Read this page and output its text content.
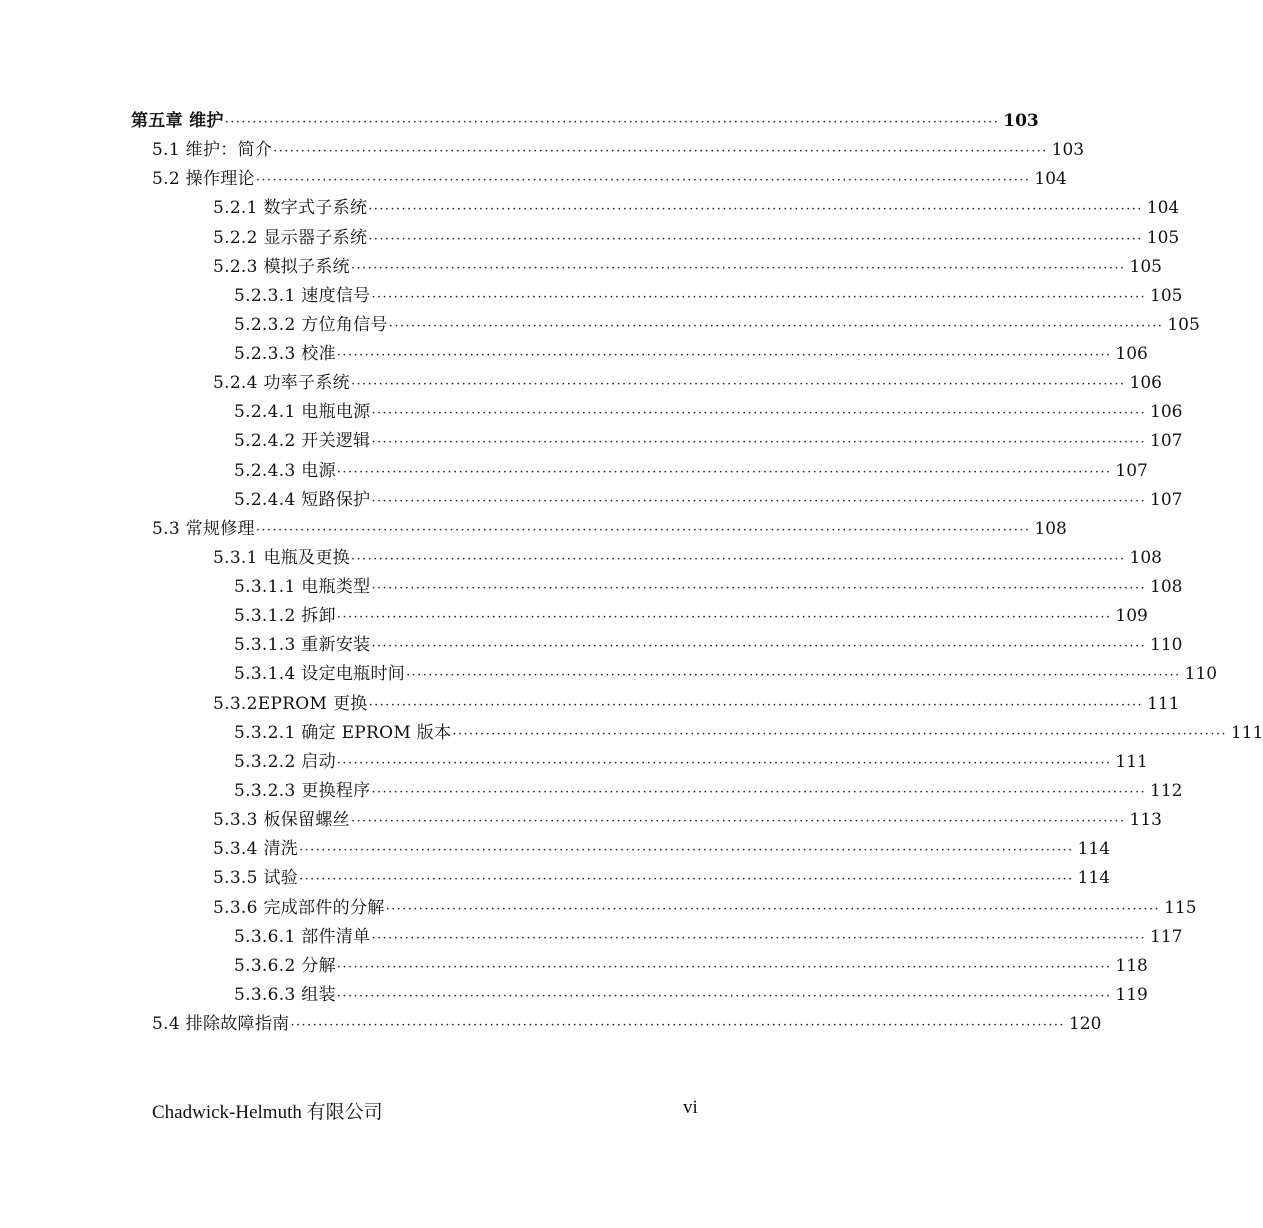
第五章 维护 ············································································································································ 103
5.1 维护：简介 ············································································································································ 103
5.2 操作理论 ············································································································································ 104
5.2.1 数字式子系统 ············································································································································ 104
5.2.2 显示器子系统 ············································································································································ 105
5.2.3 模拟子系统 ············································································································································ 105
5.2.3.1 速度信号 ············································································································································ 105
5.2.3.2 方位角信号 ············································································································································ 105
5.2.3.3 校准 ············································································································································ 106
5.2.4 功率子系统 ············································································································································ 106
5.2.4.1 电瓶电源 ············································································································································ 106
5.2.4.2 开关逻辑 ············································································································································ 107
5.2.4.3 电源 ············································································································································ 107
5.2.4.4 短路保护 ············································································································································ 107
5.3 常规修理 ············································································································································ 108
5.3.1 电瓶及更换 ············································································································································ 108
5.3.1.1 电瓶类型 ············································································································································ 108
5.3.1.2 拆卸 ············································································································································ 109
5.3.1.3 重新安装 ············································································································································ 110
5.3.1.4 设定电瓶时间 ············································································································································ 110
5.3.2EPROM 更换 ············································································································································ 111
5.3.2.1 确定 EPROM 版本 ············································································································································ 111
5.3.2.2 启动 ············································································································································ 111
5.3.2.3 更换程序 ············································································································································ 112
5.3.3 板保留螺丝 ············································································································································ 113
5.3.4 清洗 ············································································································································ 114
5.3.5 试验 ············································································································································ 114
5.3.6 完成部件的分解 ············································································································································ 115
5.3.6.1 部件清单 ············································································································································ 117
5.3.6.2 分解 ············································································································································ 118
5.3.6.3 组装 ············································································································································ 119
5.4 排除故障指南 ············································································································································ 120
Chadwick-Helmuth 有限公司	vi
